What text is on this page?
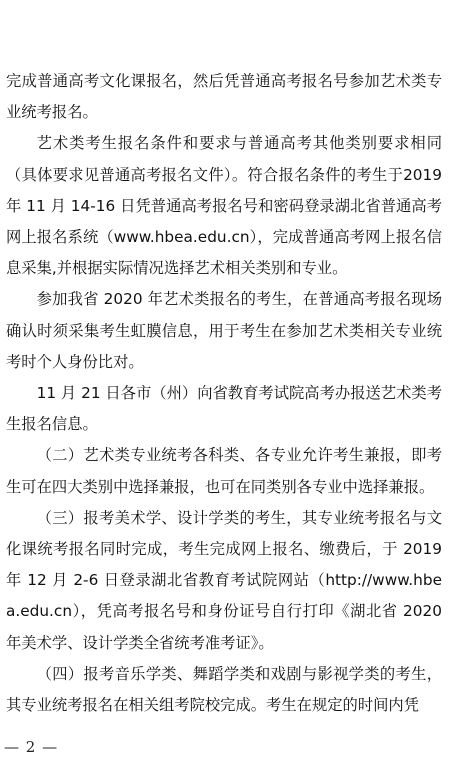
完成普通高考文化课报名，然后凭普通高考报名号参加艺术类专业统考报名。

艺术类考生报名条件和要求与普通高考其他类别要求相同（具体要求见普通高考报名文件）。符合报名条件的考生于2019 年 11 月 14-16 日凭普通高考报名号和密码登录湖北省普通高考网上报名系统（www.hbea.edu.cn），完成普通高考网上报名信息采集,并根据实际情况选择艺术相关类别和专业。

参加我省 2020 年艺术类报名的考生，在普通高考报名现场确认时须采集考生虹膜信息，用于考生在参加艺术类相关专业统考时个人身份比对。

11 月 21 日各市（州）向省教育考试院高考办报送艺术类考生报名信息。

（二）艺术类专业统考各科类、各专业允许考生兼报，即考生可在四大类别中选择兼报，也可在同类别各专业中选择兼报。

（三）报考美术学、设计学类的考生，其专业统考报名与文化课统考报名同时完成，考生完成网上报名、缴费后，于 2019 年 12 月 2-6 日登录湖北省教育考试院网站（http://www.hbea.edu.cn），凭高考报名号和身份证号自行打印《湖北省 2020 年美术学、设计学类全省统考准考证》。

（四）报考音乐学类、舞蹈学类和戏剧与影视学类的考生，其专业统考报名在相关组考院校完成。考生在规定的时间内凭

— 2 —
